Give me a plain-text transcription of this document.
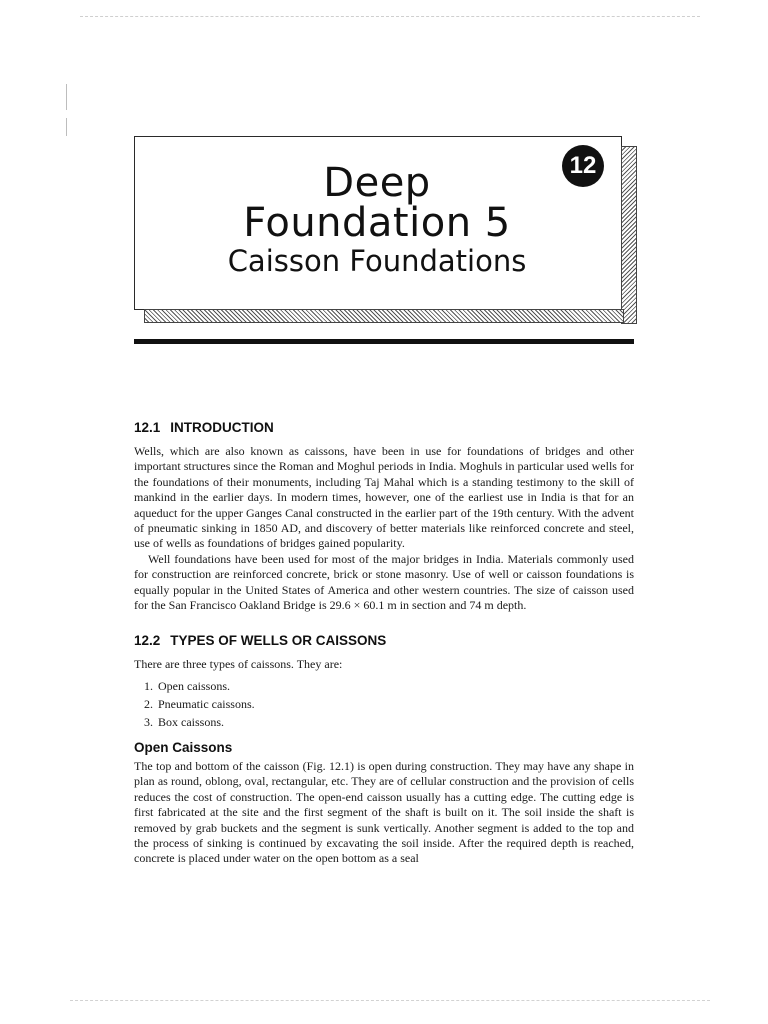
Deep
Foundation 5
Caisson Foundations
12
12.1 INTRODUCTION

Wells, which are also known as caissons, have been in use for foundations of bridges and other important structures since the Roman and Moghul periods in India. Moghuls in particular used wells for the foundations of their monuments, including Taj Mahal which is a standing testimony to the skill of mankind in the earlier days. In modern times, however, one of the earliest use in India is that for an aqueduct for the upper Ganges Canal constructed in the earlier part of the 19th century. With the advent of pneumatic sinking in 1850 AD, and discovery of better materials like reinforced concrete and steel, use of wells as foundations of bridges gained popularity.

Well foundations have been used for most of the major bridges in India. Materials commonly used for construction are reinforced concrete, brick or stone masonry. Use of well or caisson foundations is equally popular in the United States of America and other western countries. The size of caisson used for the San Francisco Oakland Bridge is 29.6 × 60.1 m in section and 74 m depth.

12.2 TYPES OF WELLS OR CAISSONS

There are three types of caissons. They are:

1. Open caissons.
2. Pneumatic caissons.
3. Box caissons.
Open Caissons

The top and bottom of the caisson (Fig. 12.1) is open during construction. They may have any shape in plan as round, oblong, oval, rectangular, etc. They are of cellular construction and the provision of cells reduces the cost of construction. The open-end caisson usually has a cutting edge. The cutting edge is first fabricated at the site and the first segment of the shaft is built on it. The soil inside the shaft is removed by grab buckets and the segment is sunk vertically. Another segment is added to the top and the process of sinking is continued by excavating the soil inside. After the required depth is reached, concrete is placed under water on the open bottom as a seal
